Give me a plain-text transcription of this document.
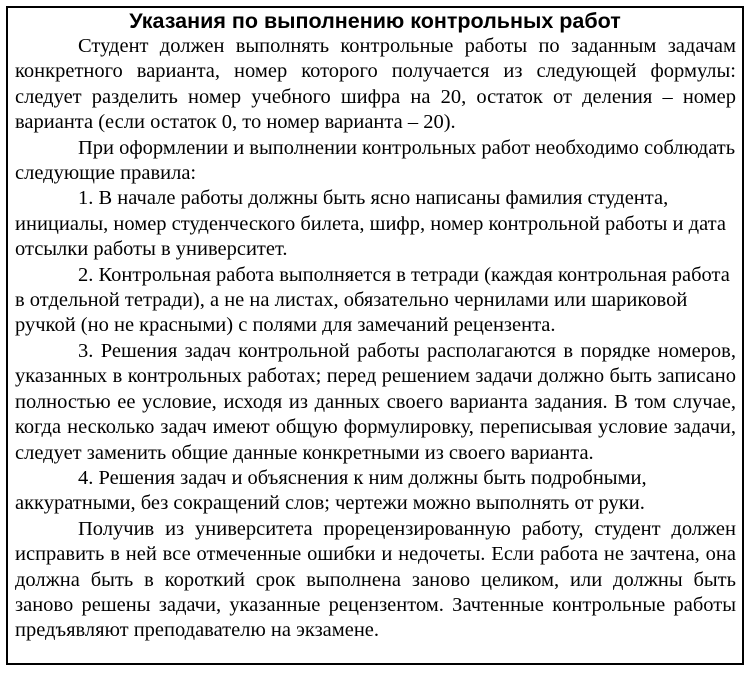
Указания по выполнению контрольных работ

Студент должен выполнять контрольные работы по заданным задачам конкретного варианта, номер которого получается из следующей формулы: следует разделить номер учебного шифра на 20, остаток от деления – номер варианта (если остаток 0, то номер варианта – 20).

При оформлении и выполнении контрольных работ необходимо соблюдать следующие правила:

1. В начале работы должны быть ясно написаны фамилия студента, инициалы, номер студенческого билета, шифр, номер контрольной работы и дата отсылки работы в университет.

2. Контрольная работа выполняется в тетради (каждая контрольная работа в отдельной тетради), а не на листах, обязательно чернилами или шариковой ручкой (но не красными) с полями для замечаний рецензента.

3. Решения задач контрольной работы располагаются в порядке номеров, указанных в контрольных работах; перед решением задачи должно быть записано полностью ее условие, исходя из данных своего варианта задания. В том случае, когда несколько задач имеют общую формулировку, переписывая условие задачи, следует заменить общие данные конкретными из своего варианта.

4. Решения задач и объяснения к ним должны быть подробными, аккуратными, без сокращений слов; чертежи можно выполнять от руки.

Получив из университета прорецензированную работу, студент должен исправить в ней все отмеченные ошибки и недочеты. Если работа не зачтена, она должна быть в короткий срок выполнена заново целиком, или должны быть заново решены задачи, указанные рецензентом. Зачтенные контрольные работы предъявляют преподавателю на экзамене.
